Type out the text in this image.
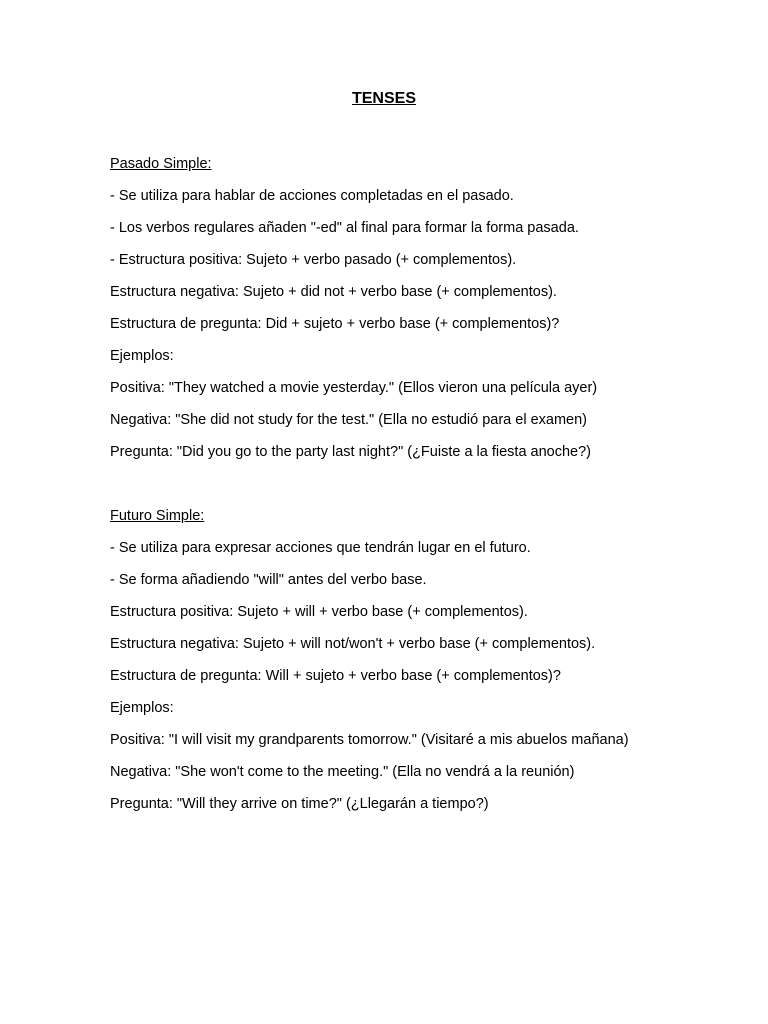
TENSES

Pasado Simple:

- Se utiliza para hablar de acciones completadas en el pasado.

- Los verbos regulares añaden "-ed" al final para formar la forma pasada.

- Estructura positiva: Sujeto + verbo pasado (+ complementos).

Estructura negativa: Sujeto + did not + verbo base (+ complementos).

Estructura de pregunta: Did + sujeto + verbo base (+ complementos)?

Ejemplos:

Positiva: "They watched a movie yesterday." (Ellos vieron una película ayer)

Negativa: "She did not study for the test." (Ella no estudió para el examen)

Pregunta: "Did you go to the party last night?" (¿Fuiste a la fiesta anoche?)

Futuro Simple:

- Se utiliza para expresar acciones que tendrán lugar en el futuro.

- Se forma añadiendo "will" antes del verbo base.

Estructura positiva: Sujeto + will + verbo base (+ complementos).

Estructura negativa: Sujeto + will not/won't + verbo base (+ complementos).

Estructura de pregunta: Will + sujeto + verbo base (+ complementos)?

Ejemplos:

Positiva: "I will visit my grandparents tomorrow." (Visitaré a mis abuelos mañana)

Negativa: "She won't come to the meeting." (Ella no vendrá a la reunión)

Pregunta: "Will they arrive on time?" (¿Llegarán a tiempo?)
